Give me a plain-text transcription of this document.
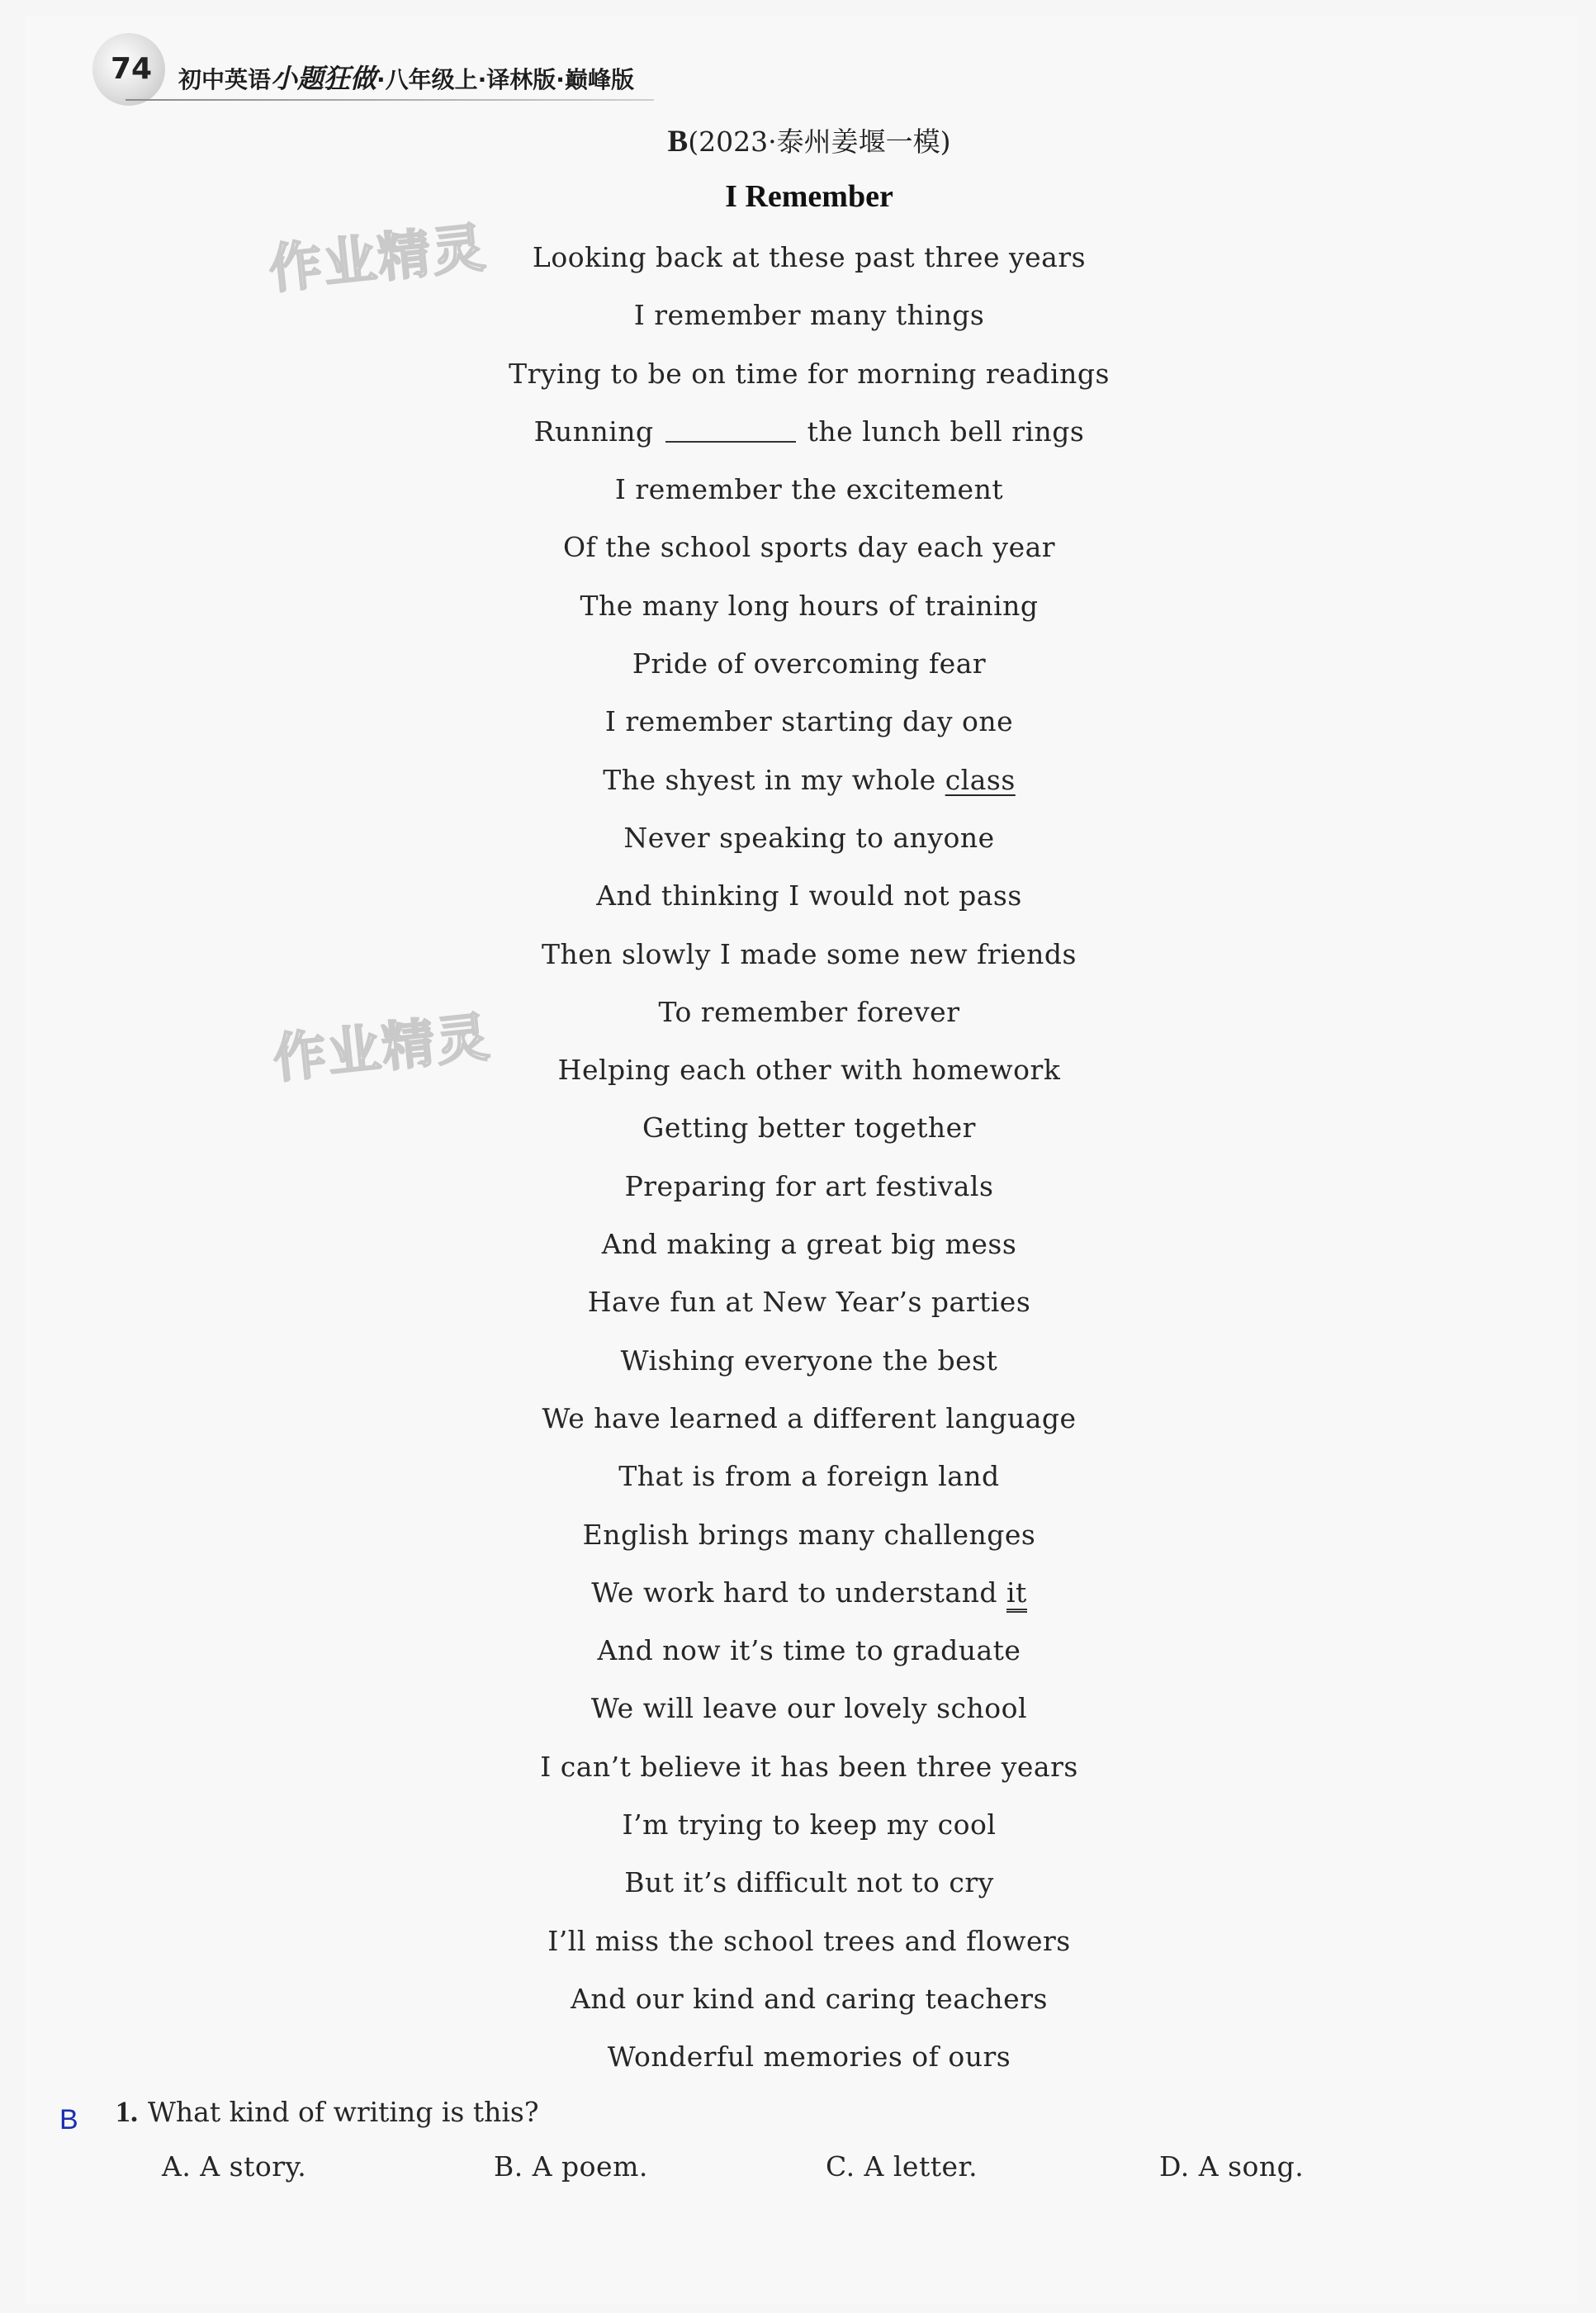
74 初中英语小题狂做·八年级上·译林版·巅峰版
作业精灵
作业精灵
B(2023·泰州姜堰一模)
I Remember
Looking back at these past three years
I remember many things
Trying to be on time for morning readings
Running	the lunch bell rings
I remember the excitement
Of the school sports day each year
The many long hours of training
Pride of overcoming fear
I remember starting day one
The shyest in my whole class
Never speaking to anyone
And thinking I would not pass
Then slowly I made some new friends
To remember forever
Helping each other with homework
Getting better together
Preparing for art festivals
And making a great big mess
Have fun at New Year’s parties
Wishing everyone the best
We have learned a different language
That is from a foreign land
English brings many challenges
We work hard to understand it
And now it’s time to graduate
We will leave our lovely school
I can’t believe it has been three years
I’m trying to keep my cool
But it’s difficult not to cry
I’ll miss the school trees and flowers
And our kind and caring teachers
Wonderful memories of ours
B 1. What kind of writing is this?
A. A story.	B. A poem.	C. A letter.	D. A song.
